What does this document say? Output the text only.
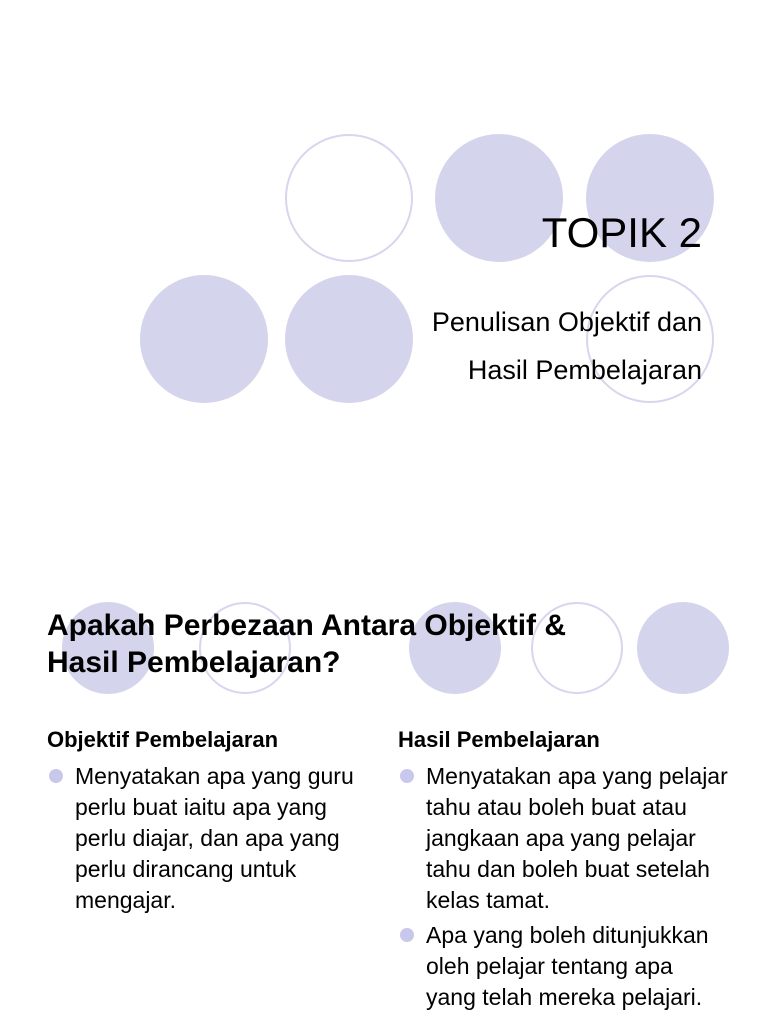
TOPIK 2
Penulisan Objektif dan
Hasil Pembelajaran
Apakah Perbezaan Antara Objektif &
Hasil Pembelajaran?
Objektif Pembelajaran
Menyatakan apa yang guru perlu buat iaitu apa yang perlu diajar, dan apa yang perlu dirancang untuk mengajar.
Hasil Pembelajaran
Menyatakan apa yang pelajar tahu atau boleh buat atau jangkaan apa yang pelajar tahu dan boleh buat setelah kelas tamat.
Apa yang boleh ditunjukkan oleh pelajar tentang apa yang telah mereka pelajari.
